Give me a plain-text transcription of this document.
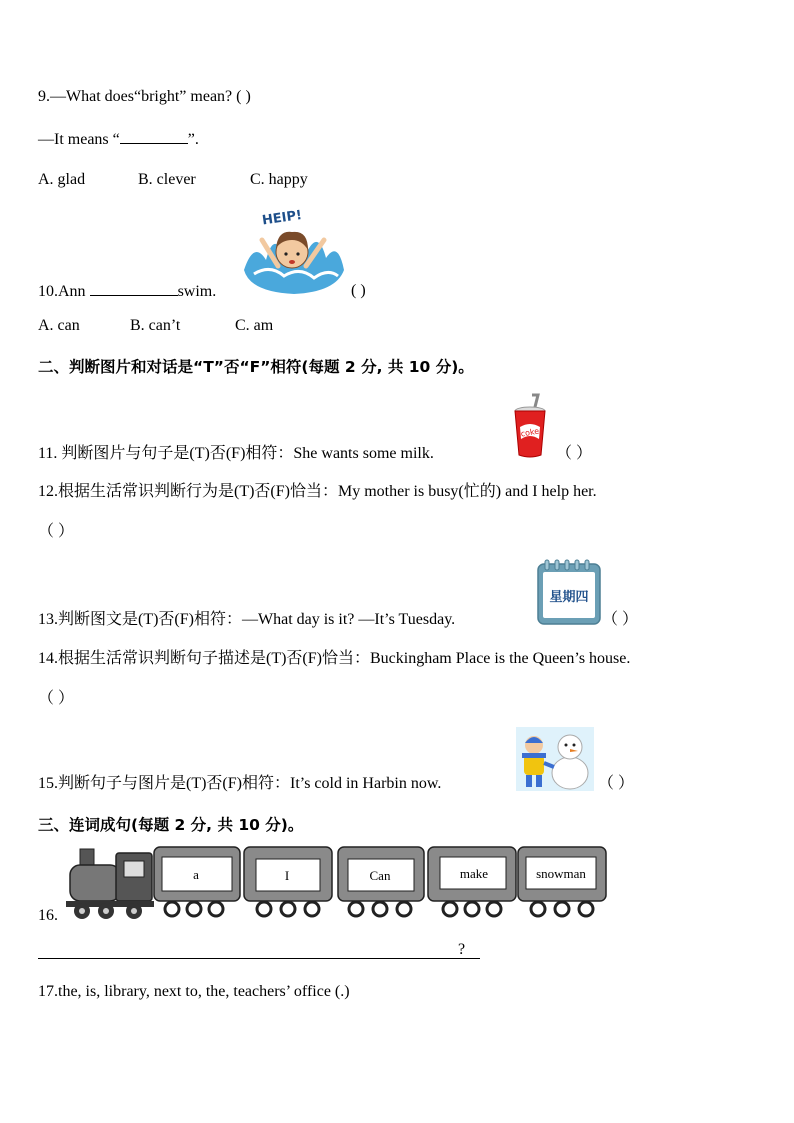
9.—What does“bright” mean? ( )
—It means “	”.
A. glad	B. clever	C. happy
HEIP!
10.Ann	swim.	( )
A. can	B. can’t	C. am
二、判断图片和对话是“T”否“F”相符(每题 2 分, 共 10 分)。
coke
11. 判断图片与句子是(T)否(F)相符：She wants some milk.	（ ）
12.根据生活常识判断行为是(T)否(F)恰当：My mother is busy(忙的) and I help her.
（ ）
星期四
13.判断图文是(T)否(F)相符：—What day is it? —It’s Tuesday.	（ ）
14.根据生活常识判断句子描述是(T)否(F)恰当：Buckingham Place is the Queen’s house.
（ ）
15.判断句子与图片是(T)否(F)相符：It’s cold in Harbin now.	（ ）
三、连词成句(每题 2 分, 共 10 分)。
16.
a	I	Can	make	snowman
?
17.the, is, library, next to, the, teachers’ office (.)
